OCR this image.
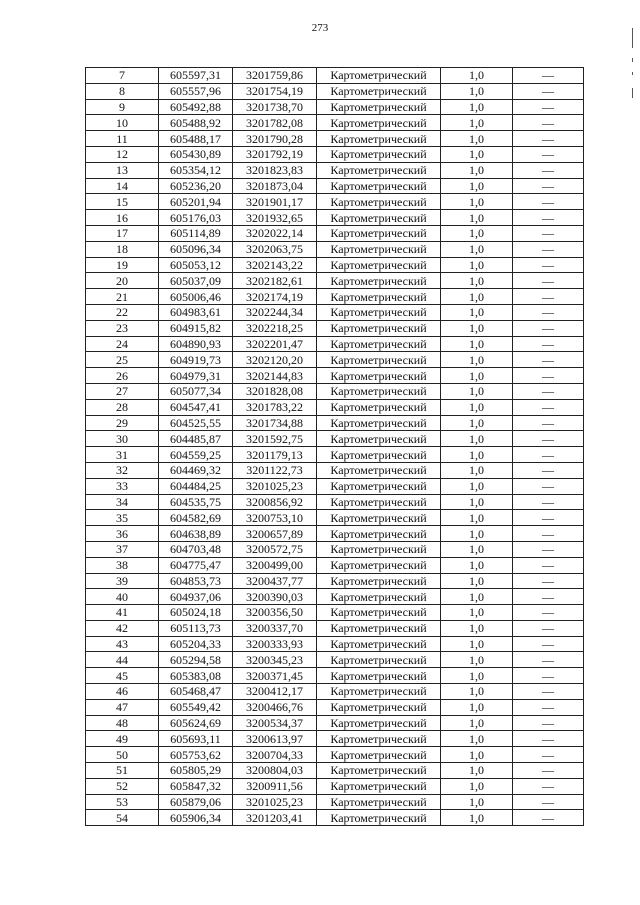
273
7	605597,31	3201759,86	Картометрический	1,0	—
8	605557,96	3201754,19	Картометрический	1,0	—
9	605492,88	3201738,70	Картометрический	1,0	—
10	605488,92	3201782,08	Картометрический	1,0	—
11	605488,17	3201790,28	Картометрический	1,0	—
12	605430,89	3201792,19	Картометрический	1,0	—
13	605354,12	3201823,83	Картометрический	1,0	—
14	605236,20	3201873,04	Картометрический	1,0	—
15	605201,94	3201901,17	Картометрический	1,0	—
16	605176,03	3201932,65	Картометрический	1,0	—
17	605114,89	3202022,14	Картометрический	1,0	—
18	605096,34	3202063,75	Картометрический	1,0	—
19	605053,12	3202143,22	Картометрический	1,0	—
20	605037,09	3202182,61	Картометрический	1,0	—
21	605006,46	3202174,19	Картометрический	1,0	—
22	604983,61	3202244,34	Картометрический	1,0	—
23	604915,82	3202218,25	Картометрический	1,0	—
24	604890,93	3202201,47	Картометрический	1,0	—
25	604919,73	3202120,20	Картометрический	1,0	—
26	604979,31	3202144,83	Картометрический	1,0	—
27	605077,34	3201828,08	Картометрический	1,0	—
28	604547,41	3201783,22	Картометрический	1,0	—
29	604525,55	3201734,88	Картометрический	1,0	—
30	604485,87	3201592,75	Картометрический	1,0	—
31	604559,25	3201179,13	Картометрический	1,0	—
32	604469,32	3201122,73	Картометрический	1,0	—
33	604484,25	3201025,23	Картометрический	1,0	—
34	604535,75	3200856,92	Картометрический	1,0	—
35	604582,69	3200753,10	Картометрический	1,0	—
36	604638,89	3200657,89	Картометрический	1,0	—
37	604703,48	3200572,75	Картометрический	1,0	—
38	604775,47	3200499,00	Картометрический	1,0	—
39	604853,73	3200437,77	Картометрический	1,0	—
40	604937,06	3200390,03	Картометрический	1,0	—
41	605024,18	3200356,50	Картометрический	1,0	—
42	605113,73	3200337,70	Картометрический	1,0	—
43	605204,33	3200333,93	Картометрический	1,0	—
44	605294,58	3200345,23	Картометрический	1,0	—
45	605383,08	3200371,45	Картометрический	1,0	—
46	605468,47	3200412,17	Картометрический	1,0	—
47	605549,42	3200466,76	Картометрический	1,0	—
48	605624,69	3200534,37	Картометрический	1,0	—
49	605693,11	3200613,97	Картометрический	1,0	—
50	605753,62	3200704,33	Картометрический	1,0	—
51	605805,29	3200804,03	Картометрический	1,0	—
52	605847,32	3200911,56	Картометрический	1,0	—
53	605879,06	3201025,23	Картометрический	1,0	—
54	605906,34	3201203,41	Картометрический	1,0	—
